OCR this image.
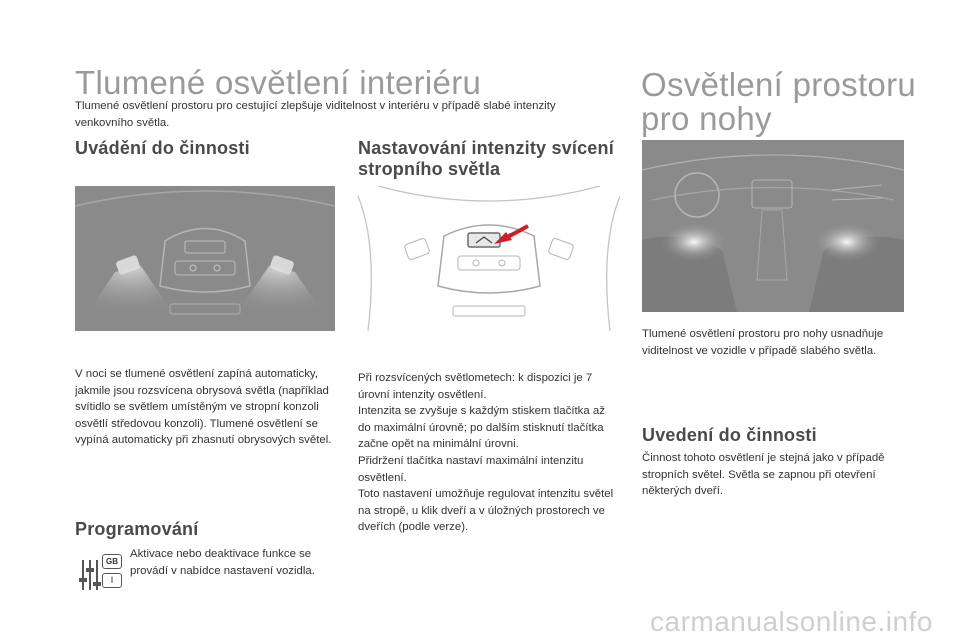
Tlumené osvětlení interiéru

Tlumené osvětlení prostoru pro cestující zlepšuje viditelnost v interiéru v případě slabé intenzity venkovního světla.

Uvádění do činnosti

V noci se tlumené osvětlení zapíná automaticky, jakmile jsou rozsvícena obrysová světla (například svítidlo se světlem umístěným ve stropní konzoli osvětlí středovou konzoli). Tlumené osvětlení se vypíná automaticky při zhasnutí obrysových světel.

Programování
GB
I

Aktivace nebo deaktivace funkce se provádí v nabídce nastavení vozidla.

Nastavování intenzity svícení stropního světla

Při rozsvícených světlometech: k dispozici je 7 úrovní intenzity osvětlení.
Intenzita se zvyšuje s každým stiskem tlačítka až do maximální úrovně; po dalším stisknutí tlačítka začne opět na minimální úrovni.
Přidržení tlačítka nastaví maximální intenzitu osvětlení.
Toto nastavení umožňuje regulovat intenzitu světel na stropě, u klik dveří a v úložných prostorech ve dveřích (podle verze).

Osvětlení prostoru pro nohy

Tlumené osvětlení prostoru pro nohy usnadňuje viditelnost ve vozidle v případě slabého světla.

Uvedení do činnosti

Činnost tohoto osvětlení je stejná jako v případě stropních světel. Světla se zapnou při otevření některých dveří.

carmanualsonline.info
